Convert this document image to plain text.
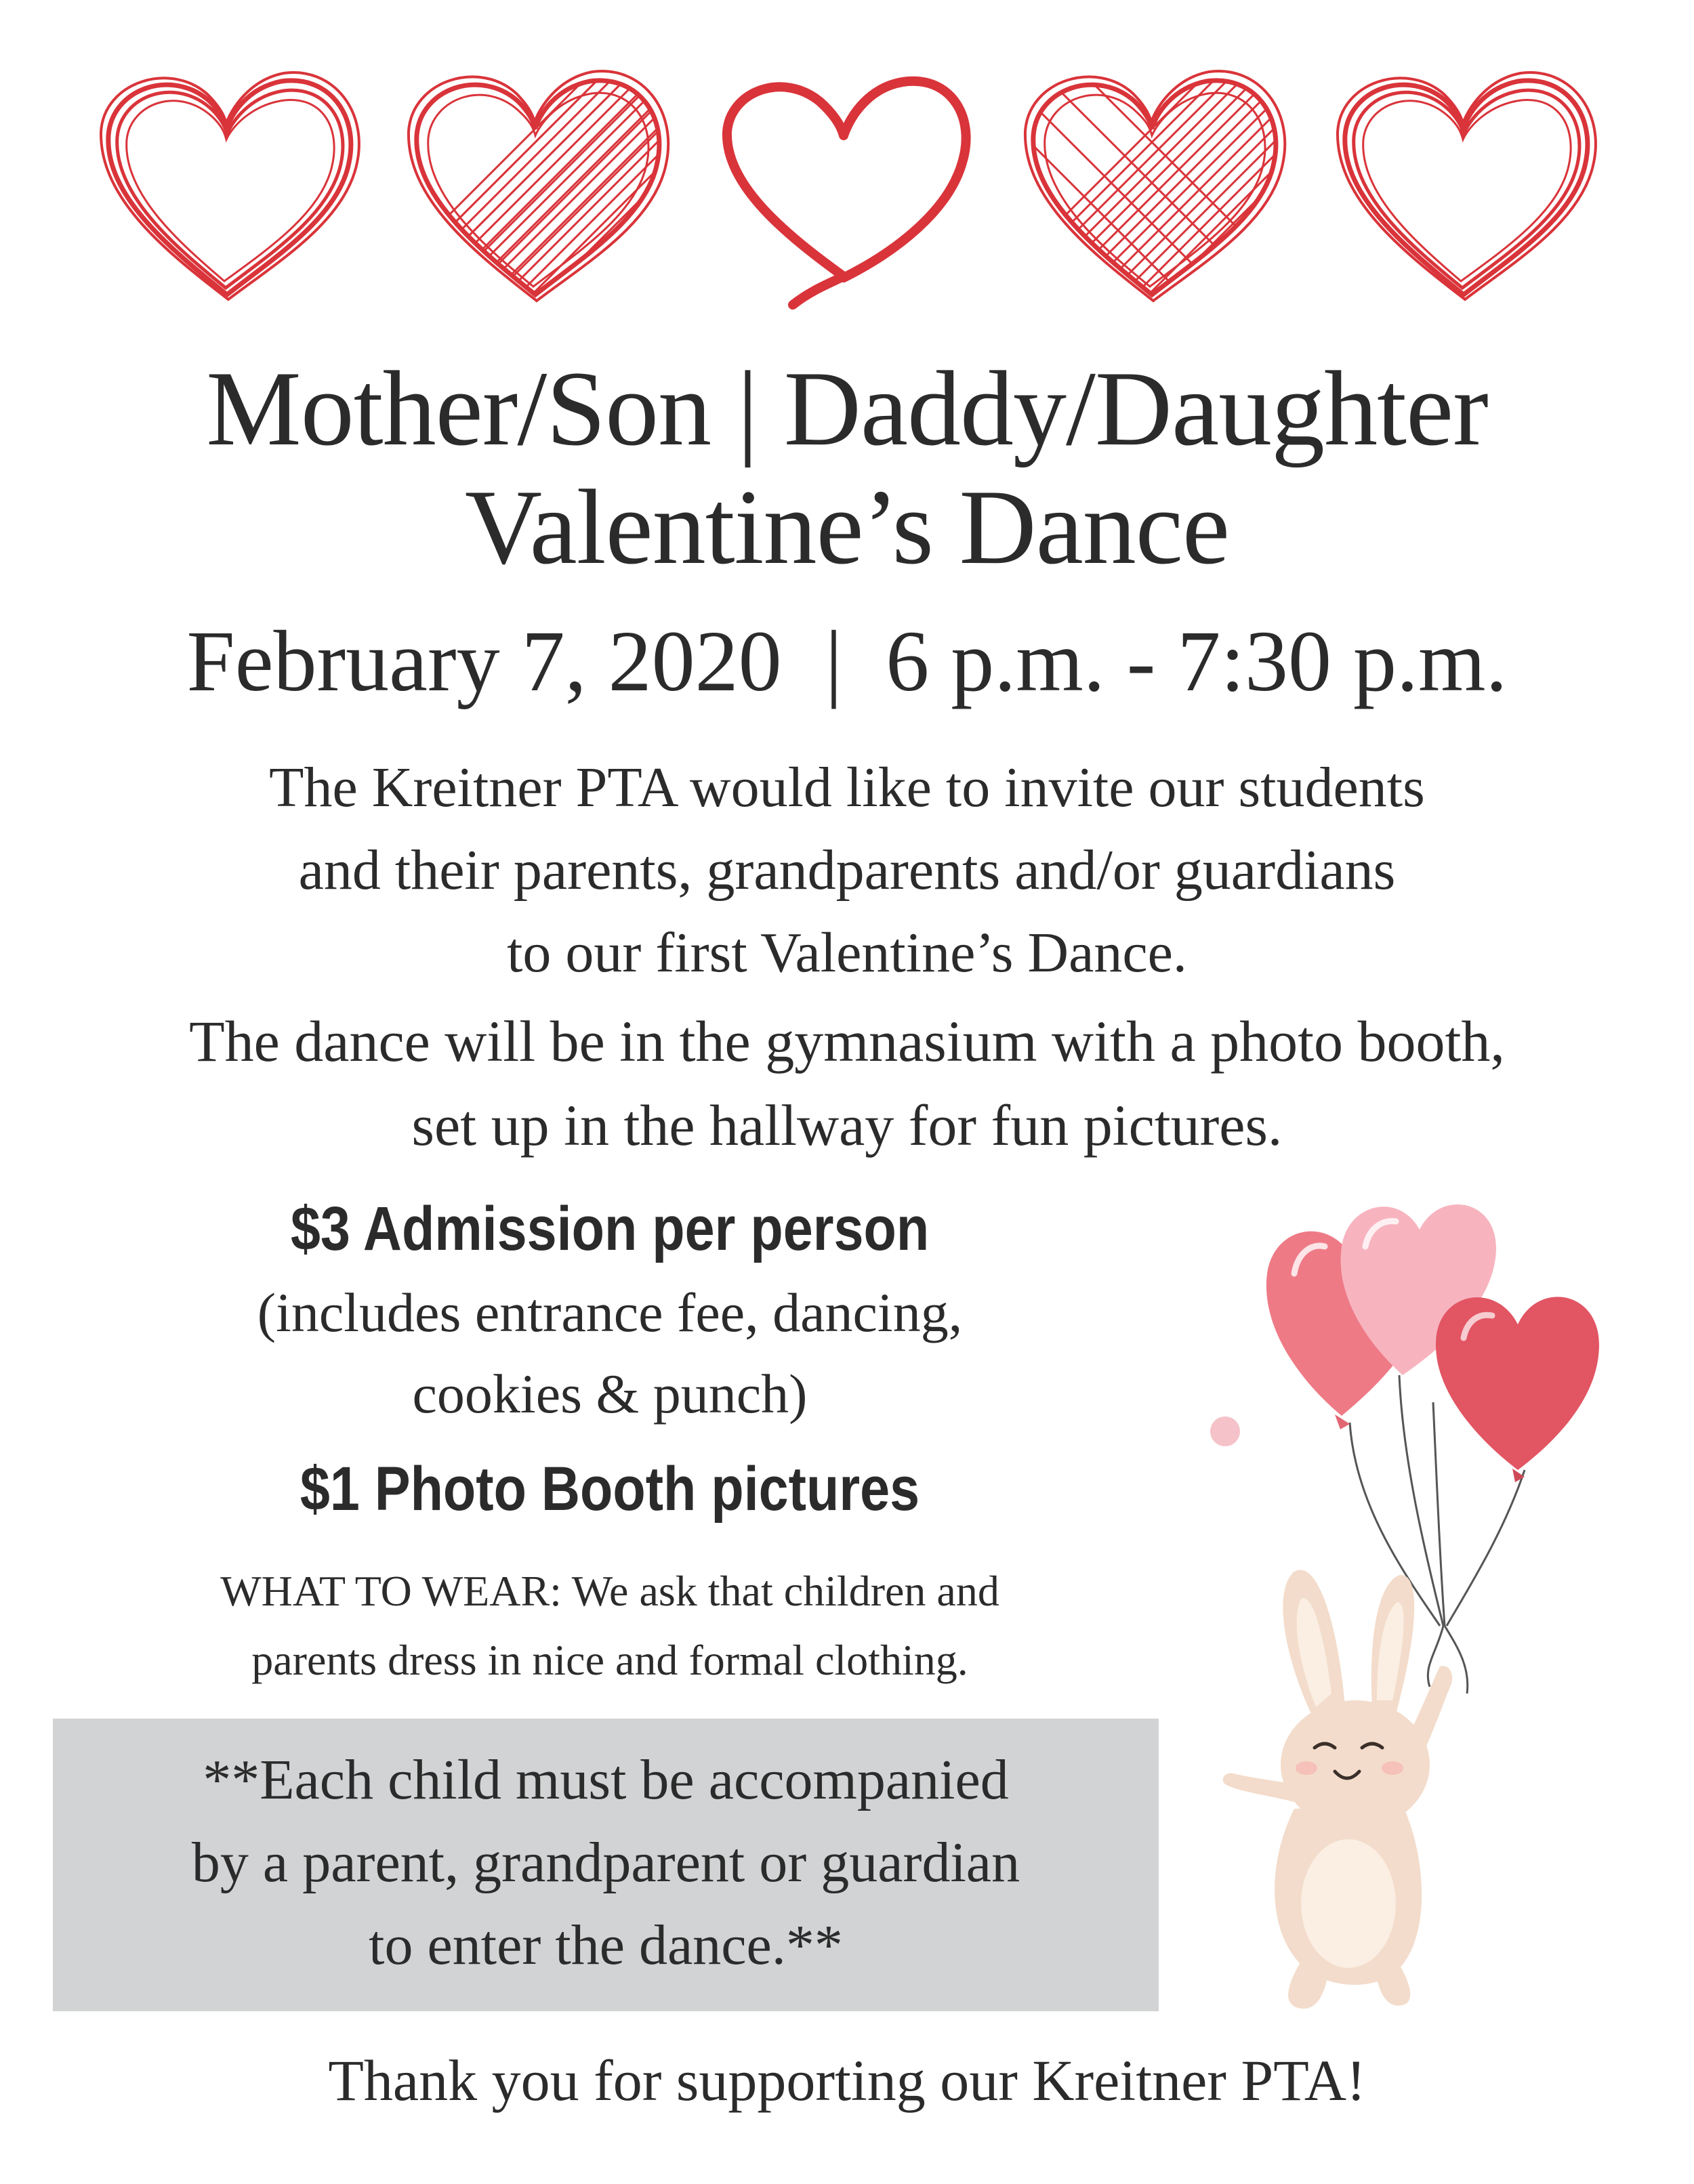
Mother/Son | Daddy/Daughter
Valentine’s Dance
February 7, 2020  |  6 p.m. - 7:30 p.m.
The Kreitner PTA would like to invite our students
and their parents, grandparents and/or guardians
to our first Valentine’s Dance.
The dance will be in the gymnasium with a photo booth,
set up in the hallway for fun pictures.
$3 Admission per person
(includes entrance fee, dancing,
cookies & punch)
$1 Photo Booth pictures
WHAT TO WEAR: We ask that children and
parents dress in nice and formal clothing.
**Each child must be accompanied
by a parent, grandparent or guardian
to enter the dance.**
Thank you for supporting our Kreitner PTA!
